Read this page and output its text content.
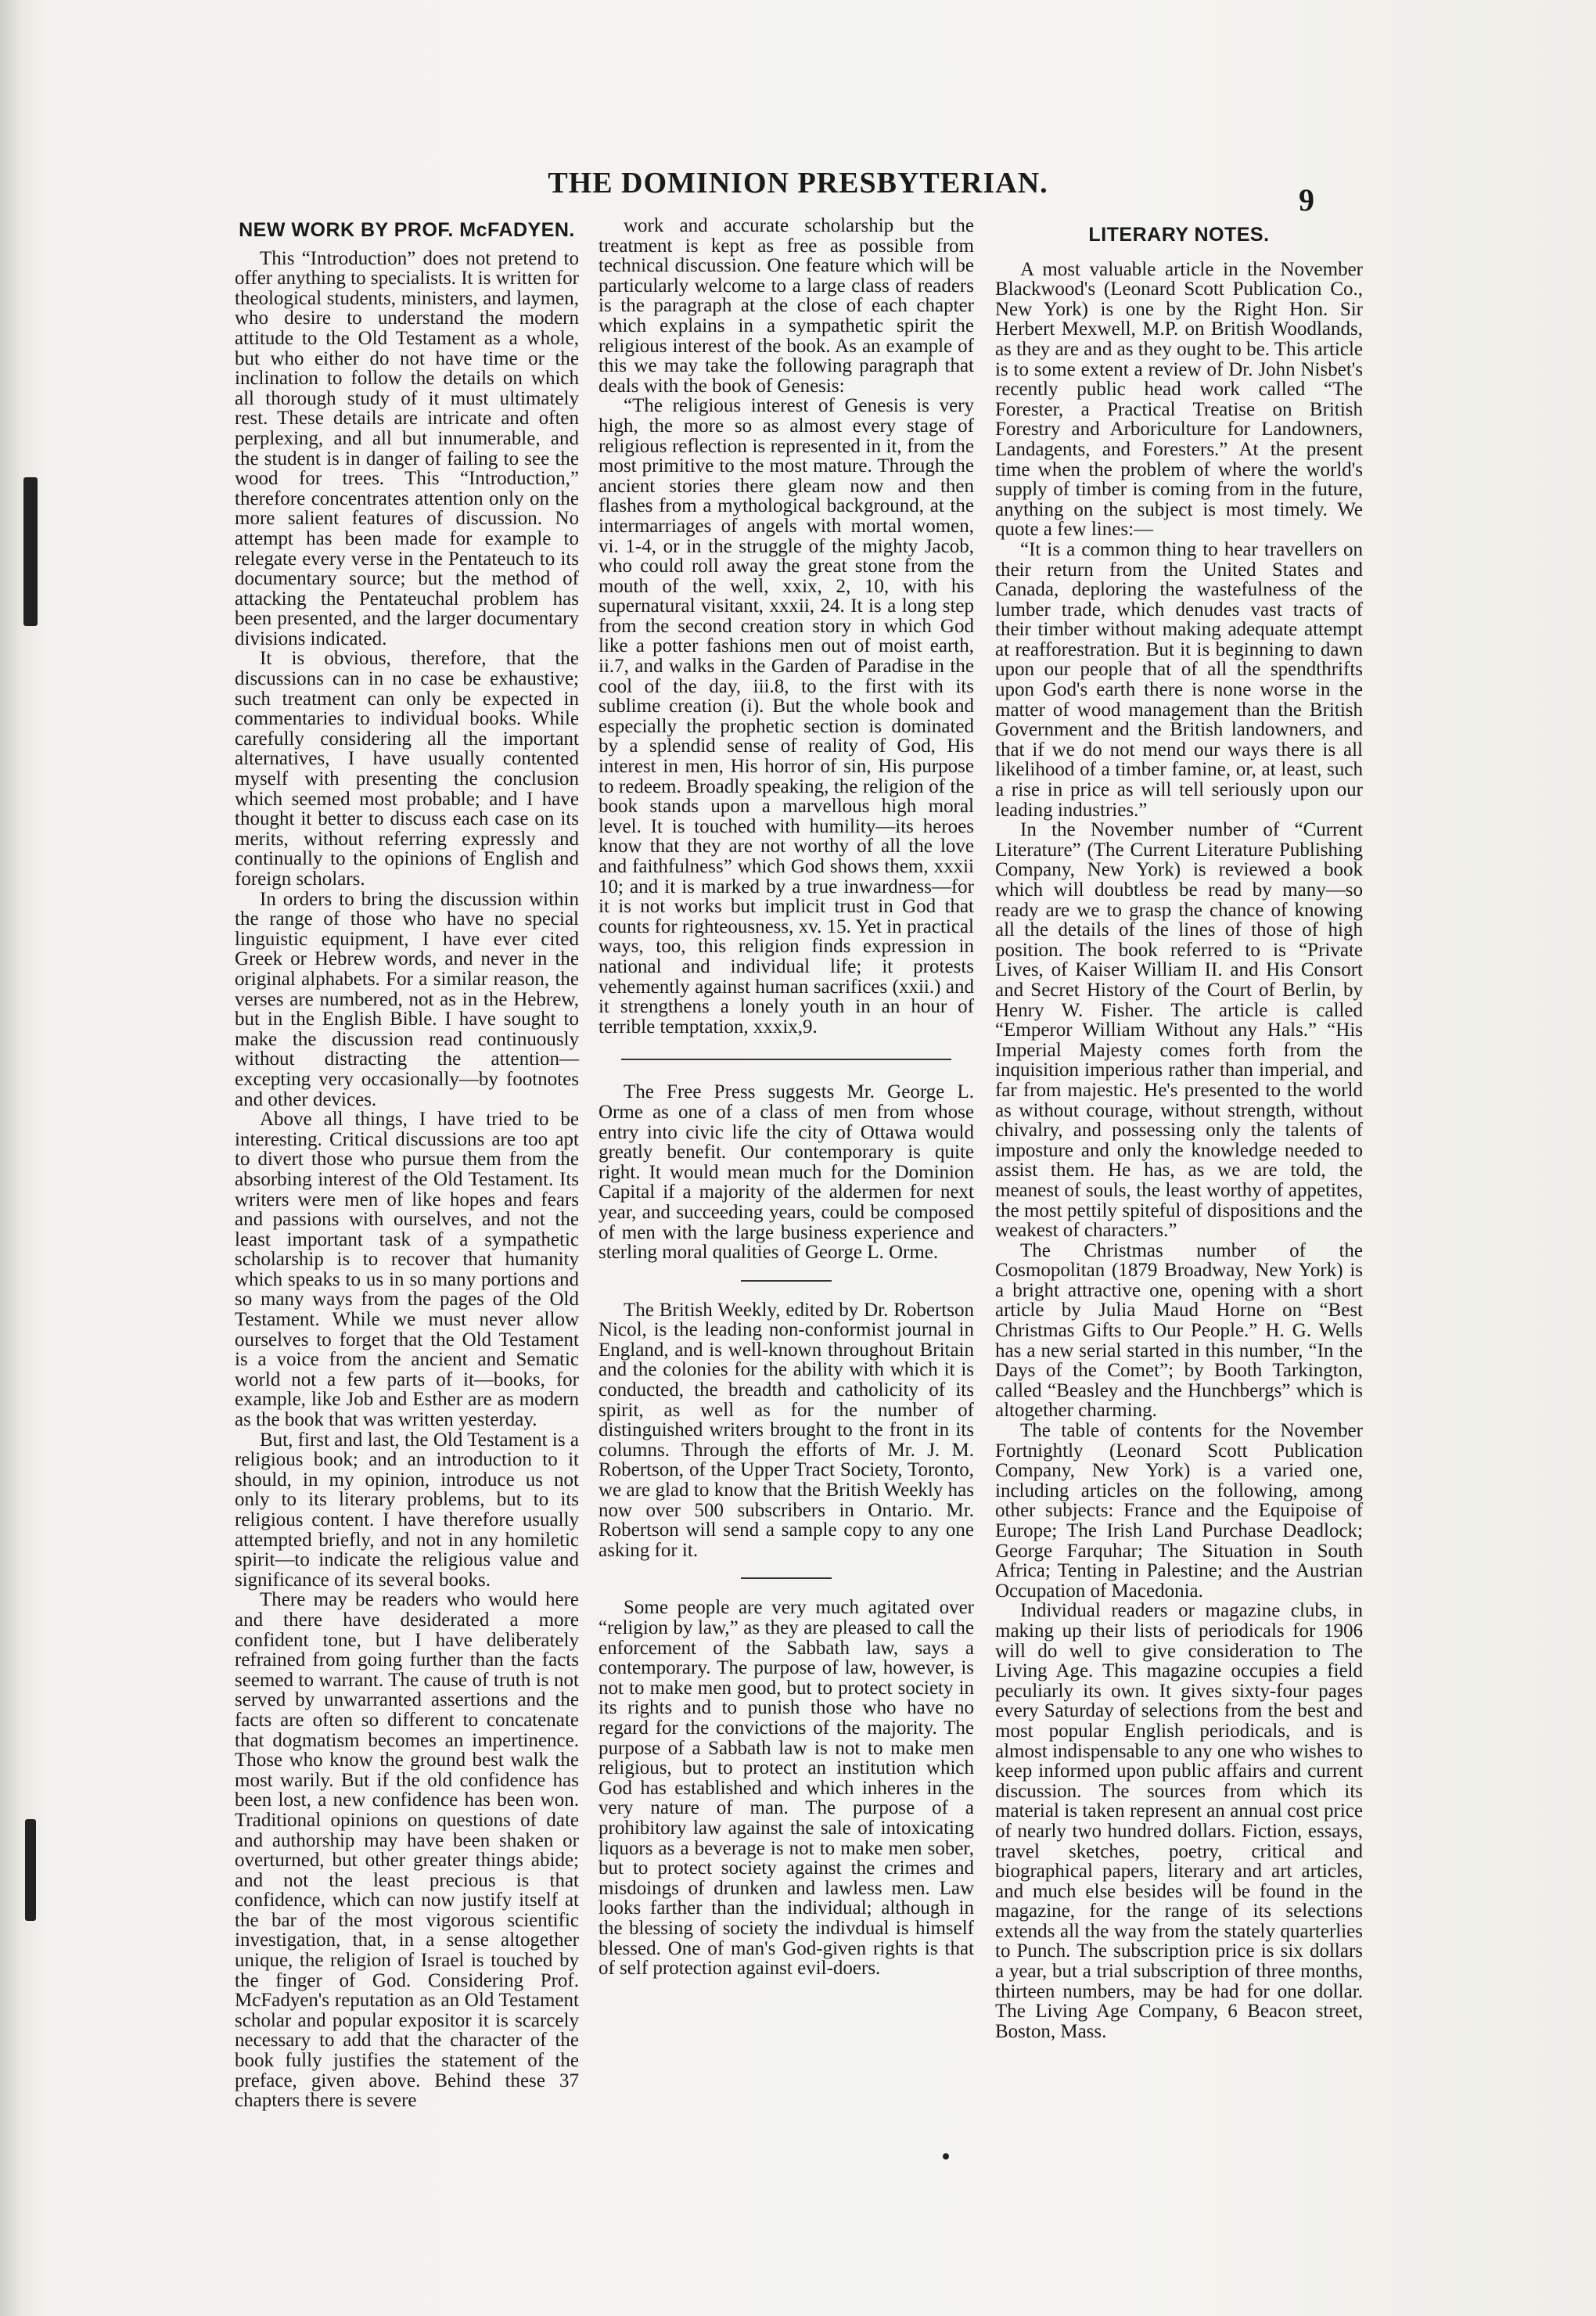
THE DOMINION PRESBYTERIAN.	9
NEW WORK BY PROF. McFADYEN.

This “Introduction” does not pretend to offer anything to specialists. It is written for theological students, ministers, and laymen, who desire to understand the modern attitude to the Old Testament as a whole, but who either do not have time or the inclination to follow the details on which all thorough study of it must ultimately rest. These details are intricate and often perplexing, and all but innumerable, and the student is in danger of failing to see the wood for trees. This “Introduction,” therefore concentrates attention only on the more salient features of discussion. No attempt has been made for example to relegate every verse in the Pentateuch to its documentary source; but the method of attacking the Pentateuchal problem has been presented, and the larger documentary divisions indicated.

It is obvious, therefore, that the discussions can in no case be exhaustive; such treatment can only be expected in commentaries to individual books. While carefully considering all the important alternatives, I have usually contented myself with presenting the conclusion which seemed most probable; and I have thought it better to discuss each case on its merits, without referring expressly and continually to the opinions of English and foreign scholars.

In orders to bring the discussion within the range of those who have no special linguistic equipment, I have ever cited Greek or Hebrew words, and never in the original alphabets. For a similar reason, the verses are numbered, not as in the Hebrew, but in the English Bible. I have sought to make the discussion read continuously without distracting the attention—excepting very occasionally—by footnotes and other devices.

Above all things, I have tried to be interesting. Critical discussions are too apt to divert those who pursue them from the absorbing interest of the Old Testament. Its writers were men of like hopes and fears and passions with ourselves, and not the least important task of a sympathetic scholarship is to recover that humanity which speaks to us in so many portions and so many ways from the pages of the Old Testament. While we must never allow ourselves to forget that the Old Testament is a voice from the ancient and Sematic world not a few parts of it—books, for example, like Job and Esther are as modern as the book that was written yesterday.

But, first and last, the Old Testament is a religious book; and an introduction to it should, in my opinion, introduce us not only to its literary problems, but to its religious content. I have therefore usually attempted briefly, and not in any homiletic spirit—to indicate the religious value and significance of its several books.

There may be readers who would here and there have desiderated a more confident tone, but I have deliberately refrained from going further than the facts seemed to warrant. The cause of truth is not served by unwarranted assertions and the facts are often so different to concatenate that dogmatism becomes an impertinence. Those who know the ground best walk the most warily. But if the old confidence has been lost, a new confidence has been won. Traditional opinions on questions of date and authorship may have been shaken or overturned, but other greater things abide; and not the least precious is that confidence, which can now justify itself at the bar of the most vigorous scientific investigation, that, in a sense altogether unique, the religion of Israel is touched by the finger of God. Considering Prof. McFadyen's reputation as an Old Testament scholar and popular expositor it is scarcely necessary to add that the character of the book fully justifies the statement of the preface, given above. Behind these 37 chapters there is severe

work and accurate scholarship but the treatment is kept as free as possible from technical discussion. One feature which will be particularly welcome to a large class of readers is the paragraph at the close of each chapter which explains in a sympathetic spirit the religious interest of the book. As an example of this we may take the following paragraph that deals with the book of Genesis:

“The religious interest of Genesis is very high, the more so as almost every stage of religious reflection is represented in it, from the most primitive to the most mature. Through the ancient stories there gleam now and then flashes from a mythological background, at the intermarriages of angels with mortal women, vi. 1-4, or in the struggle of the mighty Jacob, who could roll away the great stone from the mouth of the well, xxix, 2, 10, with his supernatural visitant, xxxii, 24. It is a long step from the second creation story in which God like a potter fashions men out of moist earth, ii.7, and walks in the Garden of Paradise in the cool of the day, iii.8, to the first with its sublime creation (i). But the whole book and especially the prophetic section is dominated by a splendid sense of reality of God, His interest in men, His horror of sin, His purpose to redeem. Broadly speaking, the religion of the book stands upon a marvellous high moral level. It is touched with humility—its heroes know that they are not worthy of all the love and faithfulness” which God shows them, xxxii 10; and it is marked by a true inwardness—for it is not works but implicit trust in God that counts for righteousness, xv. 15. Yet in practical ways, too, this religion finds expression in national and individual life; it protests vehemently against human sacrifices (xxii.) and it strengthens a lonely youth in an hour of terrible temptation, xxxix,9.

The Free Press suggests Mr. George L. Orme as one of a class of men from whose entry into civic life the city of Ottawa would greatly benefit. Our contemporary is quite right. It would mean much for the Dominion Capital if a majority of the aldermen for next year, and succeeding years, could be composed of men with the large business experience and sterling moral qualities of George L. Orme.

The British Weekly, edited by Dr. Robertson Nicol, is the leading non-conformist journal in England, and is well-known throughout Britain and the colonies for the ability with which it is conducted, the breadth and catholicity of its spirit, as well as for the number of distinguished writers brought to the front in its columns. Through the efforts of Mr. J. M. Robertson, of the Upper Tract Society, Toronto, we are glad to know that the British Weekly has now over 500 subscribers in Ontario. Mr. Robertson will send a sample copy to any one asking for it.

Some people are very much agitated over “religion by law,” as they are pleased to call the enforcement of the Sabbath law, says a contemporary. The purpose of law, however, is not to make men good, but to protect society in its rights and to punish those who have no regard for the convictions of the majority. The purpose of a Sabbath law is not to make men religious, but to protect an institution which God has established and which inheres in the very nature of man. The purpose of a prohibitory law against the sale of intoxicating liquors as a beverage is not to make men sober, but to protect society against the crimes and misdoings of drunken and lawless men. Law looks farther than the individual; although in the blessing of society the indivdual is himself blessed. One of man's God-given rights is that of self protection against evil-doers.

LITERARY NOTES.

A most valuable article in the November Blackwood's (Leonard Scott Publication Co., New York) is one by the Right Hon. Sir Herbert Mexwell, M.P. on British Woodlands, as they are and as they ought to be. This article is to some extent a review of Dr. John Nisbet's recently public head work called “The Forester, a Practical Treatise on British Forestry and Arboriculture for Landowners, Landagents, and Foresters.” At the present time when the problem of where the world's supply of timber is coming from in the future, anything on the subject is most timely. We quote a few lines:—

“It is a common thing to hear travellers on their return from the United States and Canada, deploring the wastefulness of the lumber trade, which denudes vast tracts of their timber without making adequate attempt at reafforestration. But it is beginning to dawn upon our people that of all the spendthrifts upon God's earth there is none worse in the matter of wood management than the British Government and the British landowners, and that if we do not mend our ways there is all likelihood of a timber famine, or, at least, such a rise in price as will tell seriously upon our leading industries.”

In the November number of “Current Literature” (The Current Literature Publishing Company, New York) is reviewed a book which will doubtless be read by many—so ready are we to grasp the chance of knowing all the details of the lines of those of high position. The book referred to is “Private Lives, of Kaiser William II. and His Consort and Secret History of the Court of Berlin, by Henry W. Fisher. The article is called “Emperor William Without any Hals.” “His Imperial Majesty comes forth from the inquisition imperious rather than imperial, and far from majestic. He's presented to the world as without courage, without strength, without chivalry, and possessing only the talents of imposture and only the knowledge needed to assist them. He has, as we are told, the meanest of souls, the least worthy of appetites, the most pettily spiteful of dispositions and the weakest of characters.”

The Christmas number of the Cosmopolitan (1879 Broadway, New York) is a bright attractive one, opening with a short article by Julia Maud Horne on “Best Christmas Gifts to Our People.” H. G. Wells has a new serial started in this number, “In the Days of the Comet”; by Booth Tarkington, called “Beasley and the Hunchbergs” which is altogether charming.

The table of contents for the November Fortnightly (Leonard Scott Publication Company, New York) is a varied one, including articles on the following, among other subjects: France and the Equipoise of Europe; The Irish Land Purchase Deadlock; George Farquhar; The Situation in South Africa; Tenting in Palestine; and the Austrian Occupation of Macedonia.

Individual readers or magazine clubs, in making up their lists of periodicals for 1906 will do well to give consideration to The Living Age. This magazine occupies a field peculiarly its own. It gives sixty-four pages every Saturday of selections from the best and most popular English periodicals, and is almost indispensable to any one who wishes to keep informed upon public affairs and current discussion. The sources from which its material is taken represent an annual cost price of nearly two hundred dollars. Fiction, essays, travel sketches, poetry, critical and biographical papers, literary and art articles, and much else besides will be found in the magazine, for the range of its selections extends all the way from the stately quarterlies to Punch. The subscription price is six dollars a year, but a trial subscription of three months, thirteen numbers, may be had for one dollar. The Living Age Company, 6 Beacon street, Boston, Mass.
